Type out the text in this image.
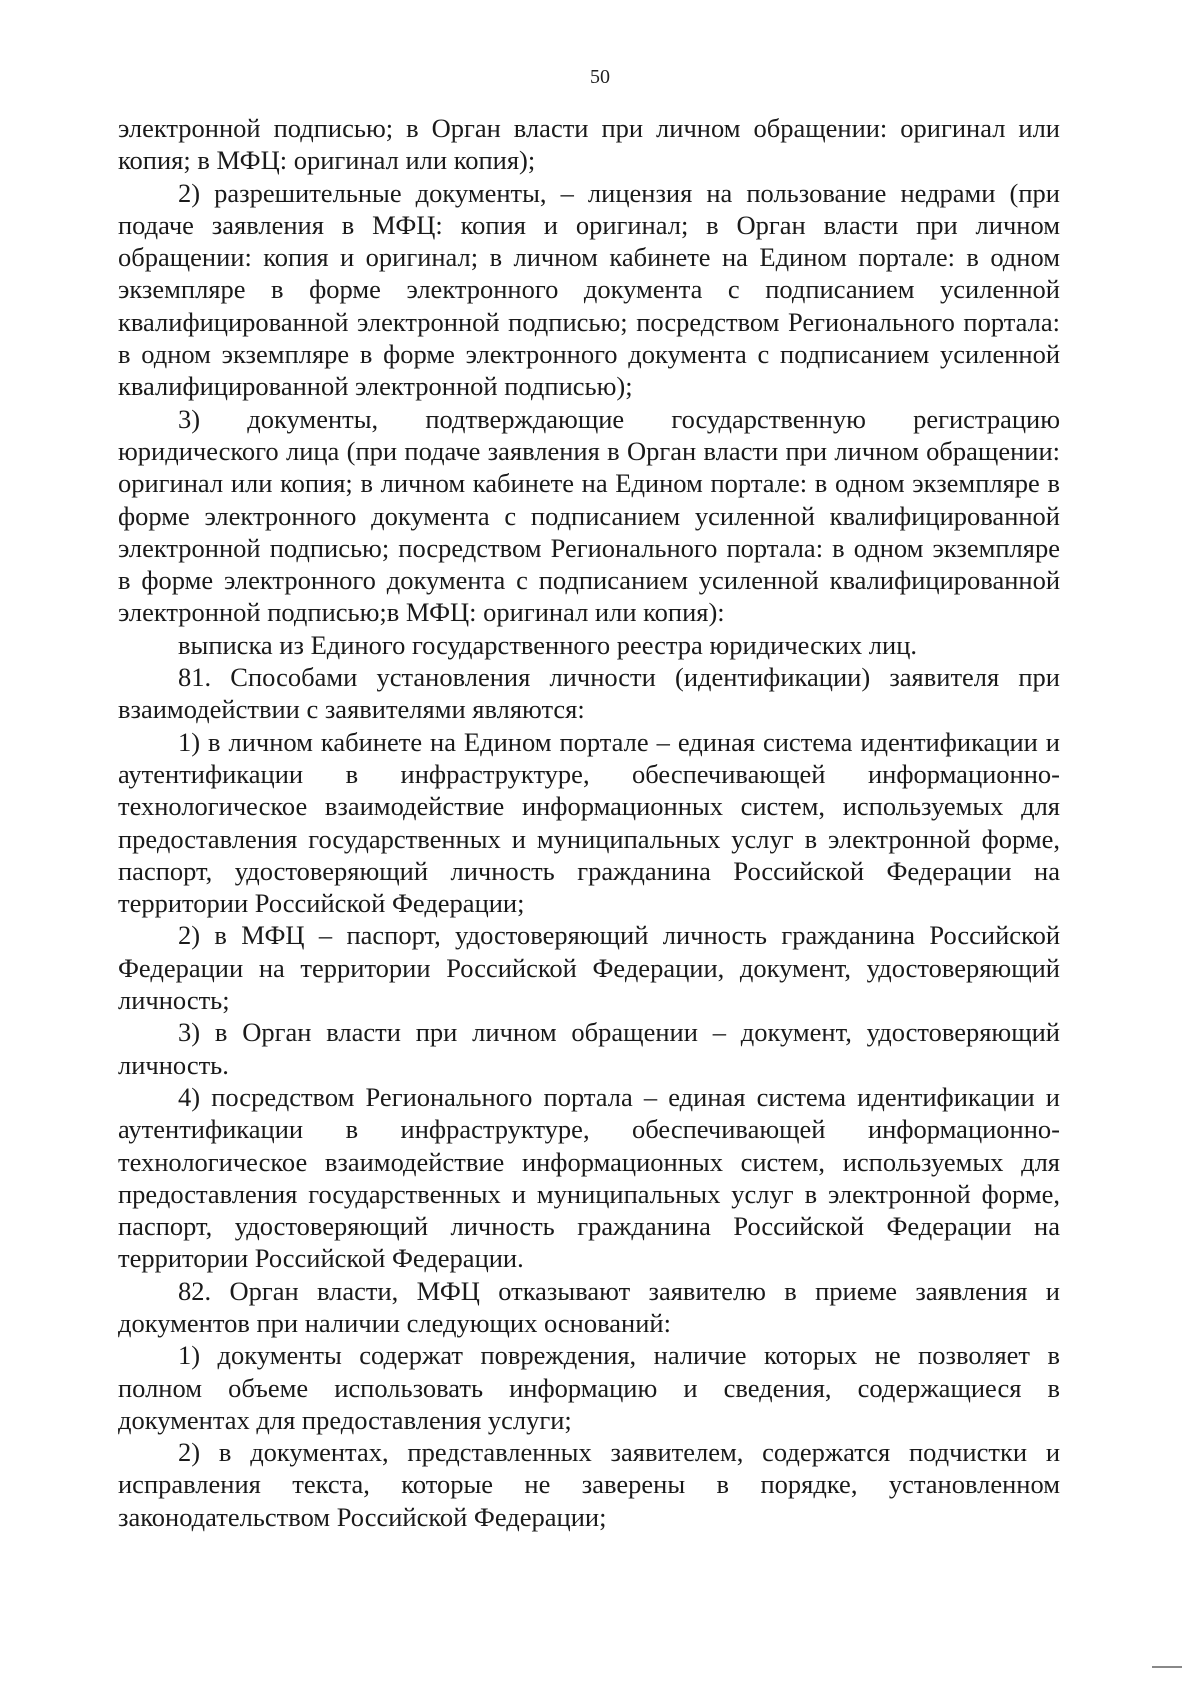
50

электронной подписью; в Орган власти при личном обращении: оригинал или копия; в МФЦ: оригинал или копия);

2) разрешительные документы, – лицензия на пользование недрами (при подаче заявления в МФЦ: копия и оригинал; в Орган власти при личном обращении: копия и оригинал; в личном кабинете на Едином портале: в одном экземпляре в форме электронного документа с подписанием усиленной квалифицированной электронной подписью; посредством Регионального портала: в одном экземпляре в форме электронного документа с подписанием усиленной квалифицированной электронной подписью);

3) документы, подтверждающие государственную регистрацию юридического лица (при подаче заявления в Орган власти при личном обращении: оригинал или копия; в личном кабинете на Едином портале: в одном экземпляре в форме электронного документа с подписанием усиленной квалифицированной электронной подписью; посредством Регионального портала: в одном экземпляре в форме электронного документа с подписанием усиленной квалифицированной электронной подписью;в МФЦ: оригинал или копия):

выписка из Единого государственного реестра юридических лиц.

81. Способами установления личности (идентификации) заявителя при взаимодействии с заявителями являются:

1) в личном кабинете на Едином портале – единая система идентификации и аутентификации в инфраструктуре, обеспечивающей информационно-технологическое взаимодействие информационных систем, используемых для предоставления государственных и муниципальных услуг в электронной форме, паспорт, удостоверяющий личность гражданина Российской Федерации на территории Российской Федерации;

2) в МФЦ – паспорт, удостоверяющий личность гражданина Российской Федерации на территории Российской Федерации, документ, удостоверяющий личность;

3) в Орган власти при личном обращении – документ, удостоверяющий личность.

4) посредством Регионального портала – единая система идентификации и аутентификации в инфраструктуре, обеспечивающей информационно-технологическое взаимодействие информационных систем, используемых для предоставления государственных и муниципальных услуг в электронной форме, паспорт, удостоверяющий личность гражданина Российской Федерации на территории Российской Федерации.

82. Орган власти, МФЦ отказывают заявителю в приеме заявления и документов при наличии следующих оснований:

1) документы содержат повреждения, наличие которых не позволяет в полном объеме использовать информацию и сведения, содержащиеся в документах для предоставления услуги;

2) в документах, представленных заявителем, содержатся подчистки и исправления текста, которые не заверены в порядке, установленном законодательством Российской Федерации;
